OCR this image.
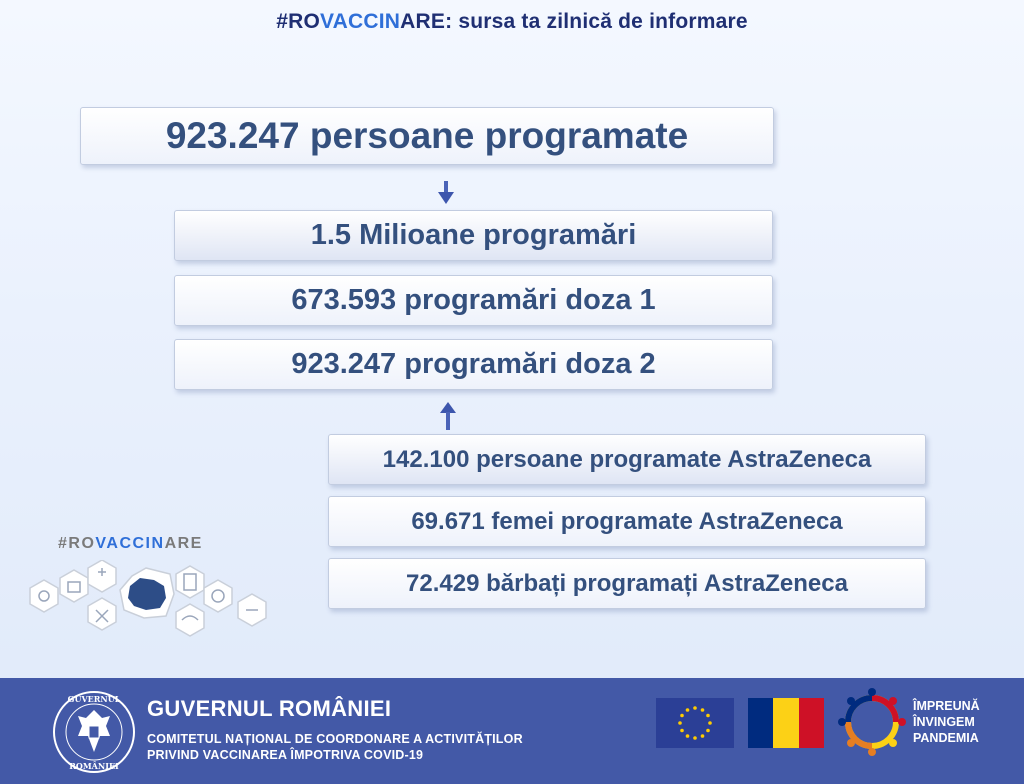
#ROVACCINARE: sursa ta zilnică de informare
923.247 persoane programate
1.5 Milioane programări
673.593 programări doza 1
923.247 programări doza 2
142.100 persoane programate AstraZeneca
69.671 femei programate AstraZeneca
72.429 bărbați programați AstraZeneca
#ROVACCINARE
GUVERNUL
ROMÂNIEI
GUVERNUL ROMÂNIEI
COMITETUL NAȚIONAL DE COORDONARE A ACTIVITĂȚILOR
PRIVIND VACCINAREA ÎMPOTRIVA COVID-19
ÎMPREUNĂ
ÎNVINGEM
PANDEMIA
